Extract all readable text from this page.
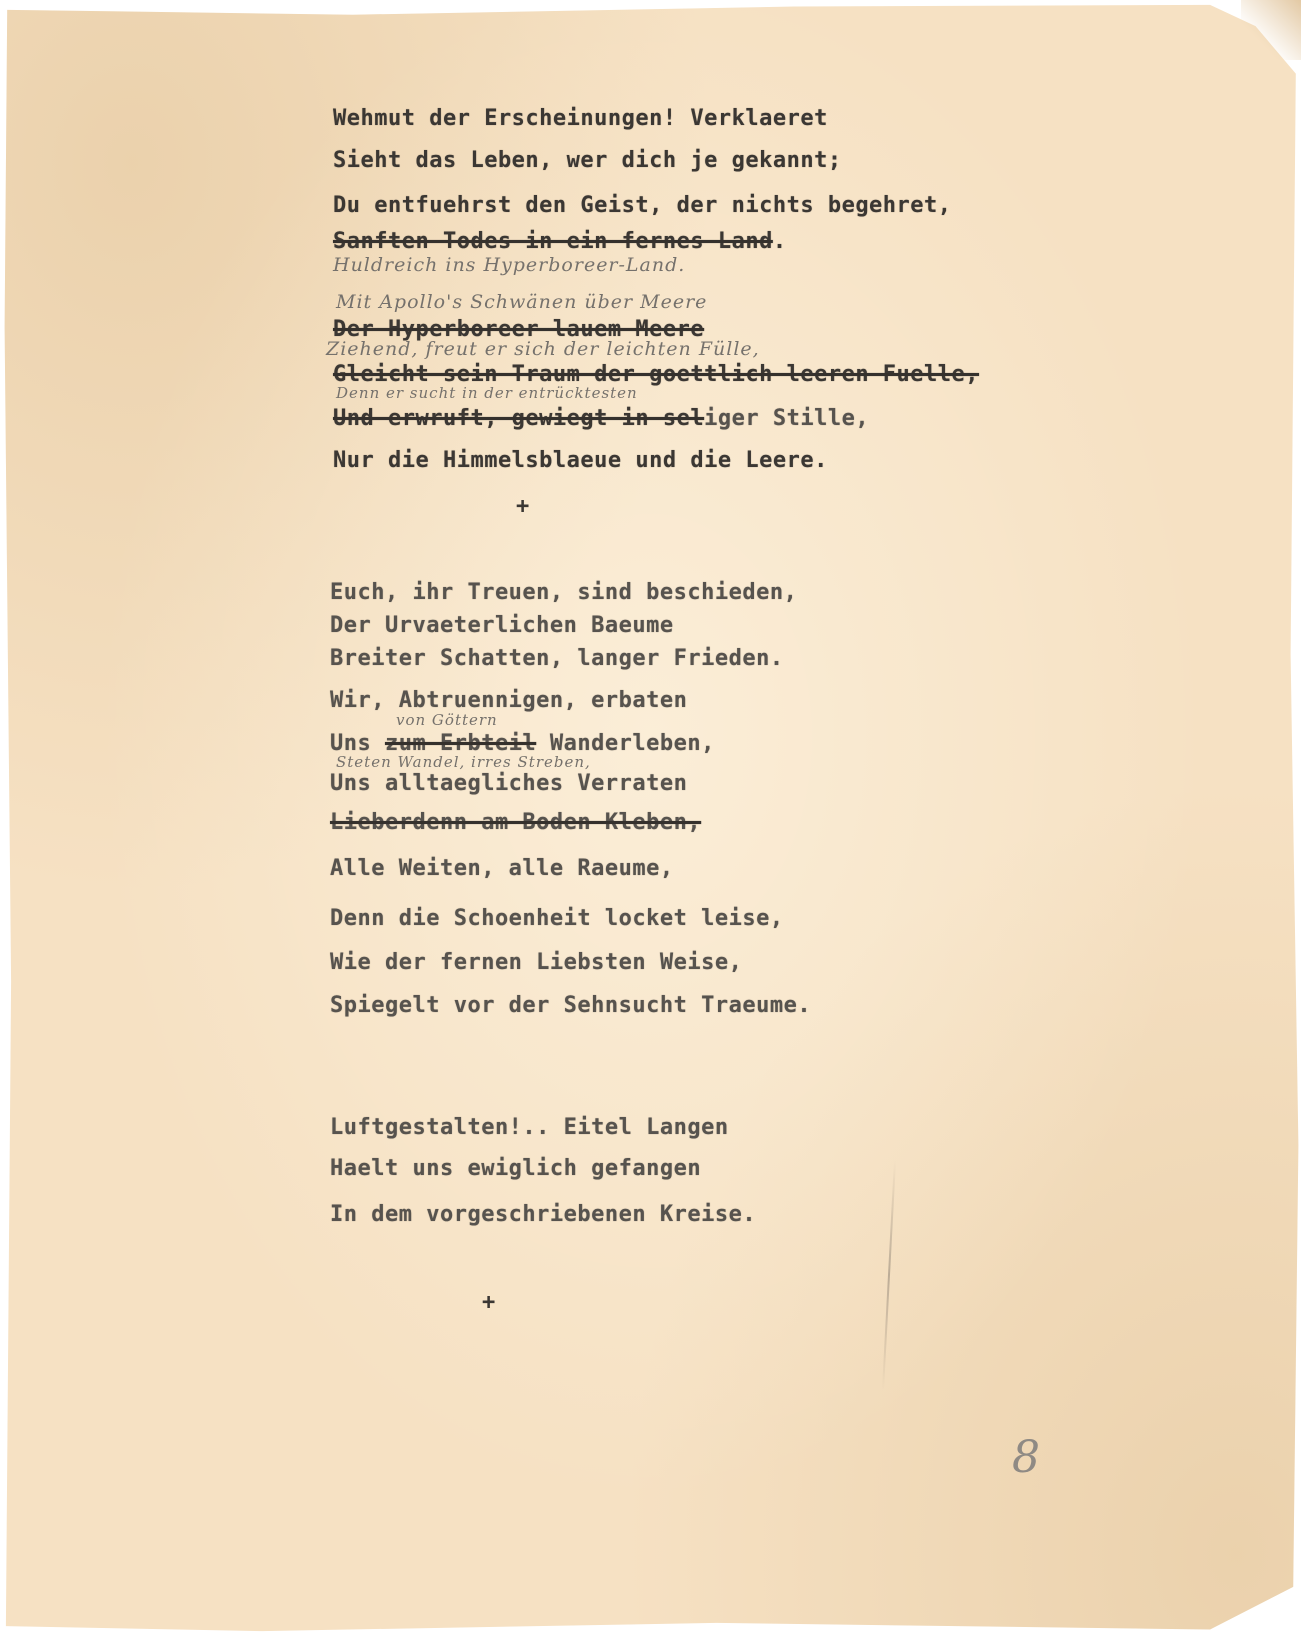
Wehmut der Erscheinungen! Verklaeret
Sieht das Leben, wer dich je gekannt;
Du entfuehrst den Geist, der nichts begehret,
Sanften Todes in ein fernes Land.
Huldreich ins Hyperboreer-Land.
Mit Apollo's Schwänen über Meere
Der Hyperboreer lauem Meere
Ziehend, freut er sich der leichten Fülle,
Gleicht sein Traum der goettlich leeren Fuelle,
Denn er sucht in der entrücktesten
Und erwruft, gewiegt in seliger Stille,
Nur die Himmelsblaeue und die Leere.
+
Euch, ihr Treuen, sind beschieden,
Der Urvaeterlichen Baeume
Breiter Schatten, langer Frieden.
Wir, Abtruennigen, erbaten
von Göttern
Uns zum Erbteil Wanderleben,
Steten Wandel, irres Streben,
Uns alltaegliches Verraten
Lieberdenn am Boden Kleben,
Alle Weiten, alle Raeume,
Denn die Schoenheit locket leise,
Wie der fernen Liebsten Weise,
Spiegelt vor der Sehnsucht Traeume.
Luftgestalten!.. Eitel Langen
Haelt uns ewiglich gefangen
In dem vorgeschriebenen Kreise.
+
8
